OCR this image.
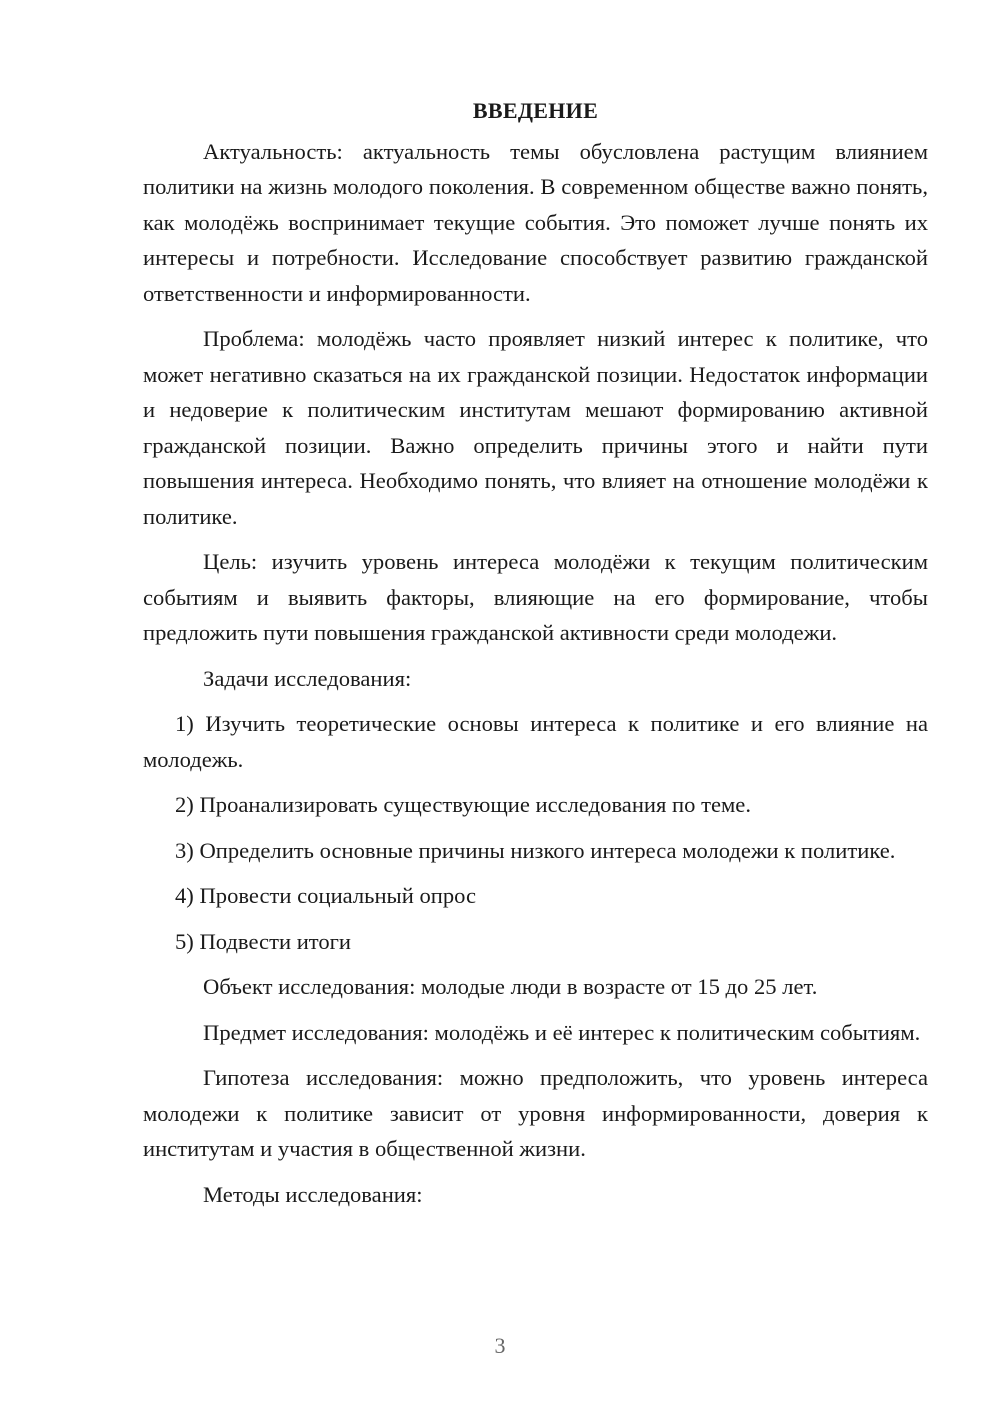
ВВЕДЕНИЕ

Актуальность: актуальность темы обусловлена растущим влиянием политики на жизнь молодого поколения. В современном обществе важно понять, как молодёжь воспринимает текущие события. Это поможет лучше понять их интересы и потребности. Исследование способствует развитию гражданской ответственности и информированности.

Проблема: молодёжь часто проявляет низкий интерес к политике, что может негативно сказаться на их гражданской позиции. Недостаток информации и недоверие к политическим институтам мешают формированию активной гражданской позиции. Важно определить причины этого и найти пути повышения интереса. Необходимо понять, что влияет на отношение молодёжи к политике.

Цель: изучить уровень интереса молодёжи к текущим политическим событиям и выявить факторы, влияющие на его формирование, чтобы предложить пути повышения гражданской активности среди молодежи.

Задачи исследования:

1) Изучить теоретические основы интереса к политике и его влияние на молодежь.

2) Проанализировать существующие исследования по теме.

3) Определить основные причины низкого интереса молодежи к политике.

4) Провести социальный опрос

5) Подвести итоги

Объект исследования: молодые люди в возрасте от 15 до 25 лет.

Предмет исследования: молодёжь и её интерес к политическим событиям.

Гипотеза исследования: можно предположить, что уровень интереса молодежи к политике зависит от уровня информированности, доверия к институтам и участия в общественной жизни.

Методы исследования:

3
